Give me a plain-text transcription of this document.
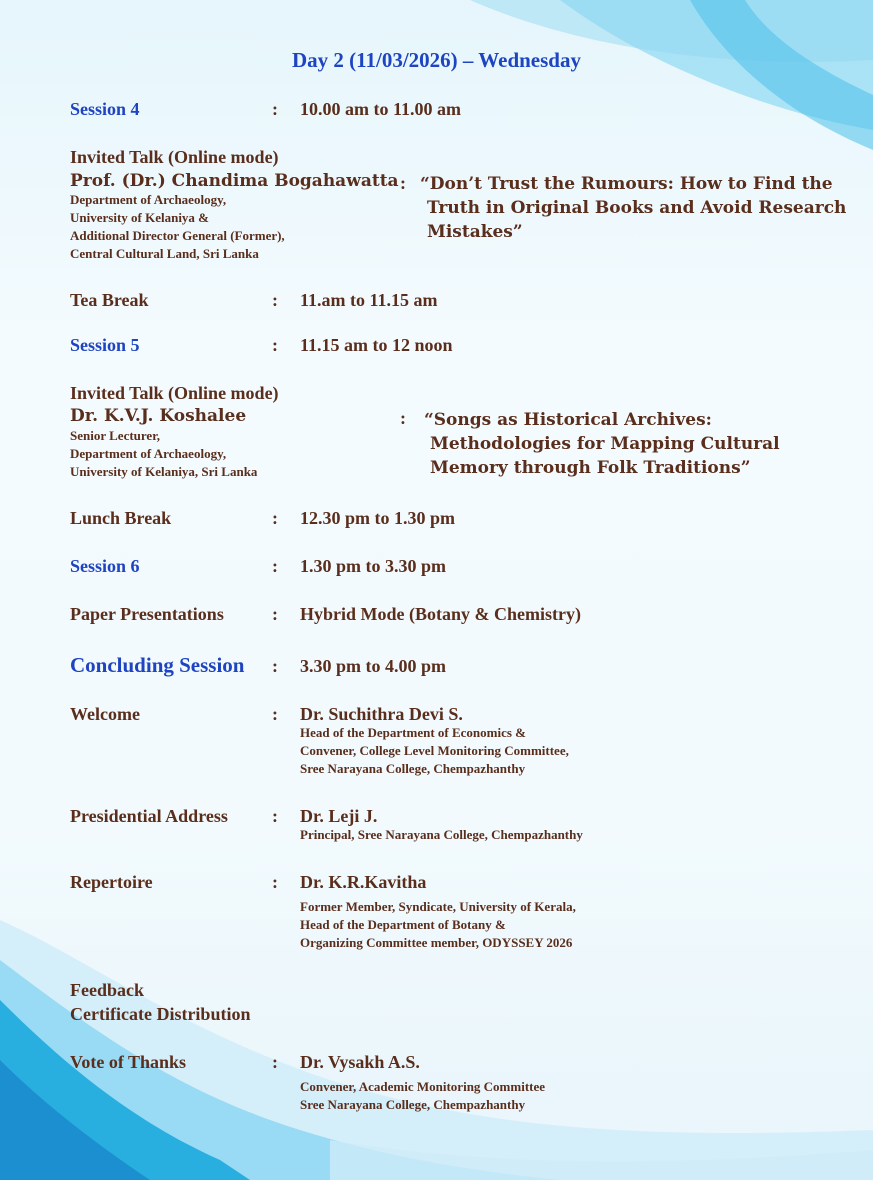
Day 2 (11/03/2026) – Wednesday
Session 4	: 10.00 am to 11.00 am
Invited Talk (Online mode)
Prof. (Dr.) Chandima Bogahawatta :
Department of Archaeology,
University of Kelaniya &
Additional Director General (Former),
Central Cultural Land, Sri Lanka
“Don’t Trust the Rumours: How to Find the
Truth in Original Books and Avoid Research
Mistakes”
Tea Break	: 11.am to 11.15 am
Session 5	: 11.15 am to 12 noon
Invited Talk (Online mode)
Dr. K.V.J. Koshalee	:
Senior Lecturer,
Department of Archaeology,
University of Kelaniya, Sri Lanka
“Songs as Historical Archives:
Methodologies for Mapping Cultural
Memory through Folk Traditions”
Lunch Break	: 12.30 pm to 1.30 pm
Session 6	: 1.30 pm to 3.30 pm
Paper Presentations	: Hybrid Mode (Botany & Chemistry)
Concluding Session : 3.30 pm to 4.00 pm
Welcome	: Dr. Suchithra Devi S.
Head of the Department of Economics &
Convener, College Level Monitoring Committee,
Sree Narayana College, Chempazhanthy
Presidential Address : Dr. Leji J.
Principal, Sree Narayana College, Chempazhanthy
Repertoire	: Dr. K.R.Kavitha
Former Member, Syndicate, University of Kerala,
Head of the Department of Botany &
Organizing Committee member, ODYSSEY 2026
Feedback
Certificate Distribution
Vote of Thanks	: Dr. Vysakh A.S.
Convener, Academic Monitoring Committee
Sree Narayana College, Chempazhanthy
